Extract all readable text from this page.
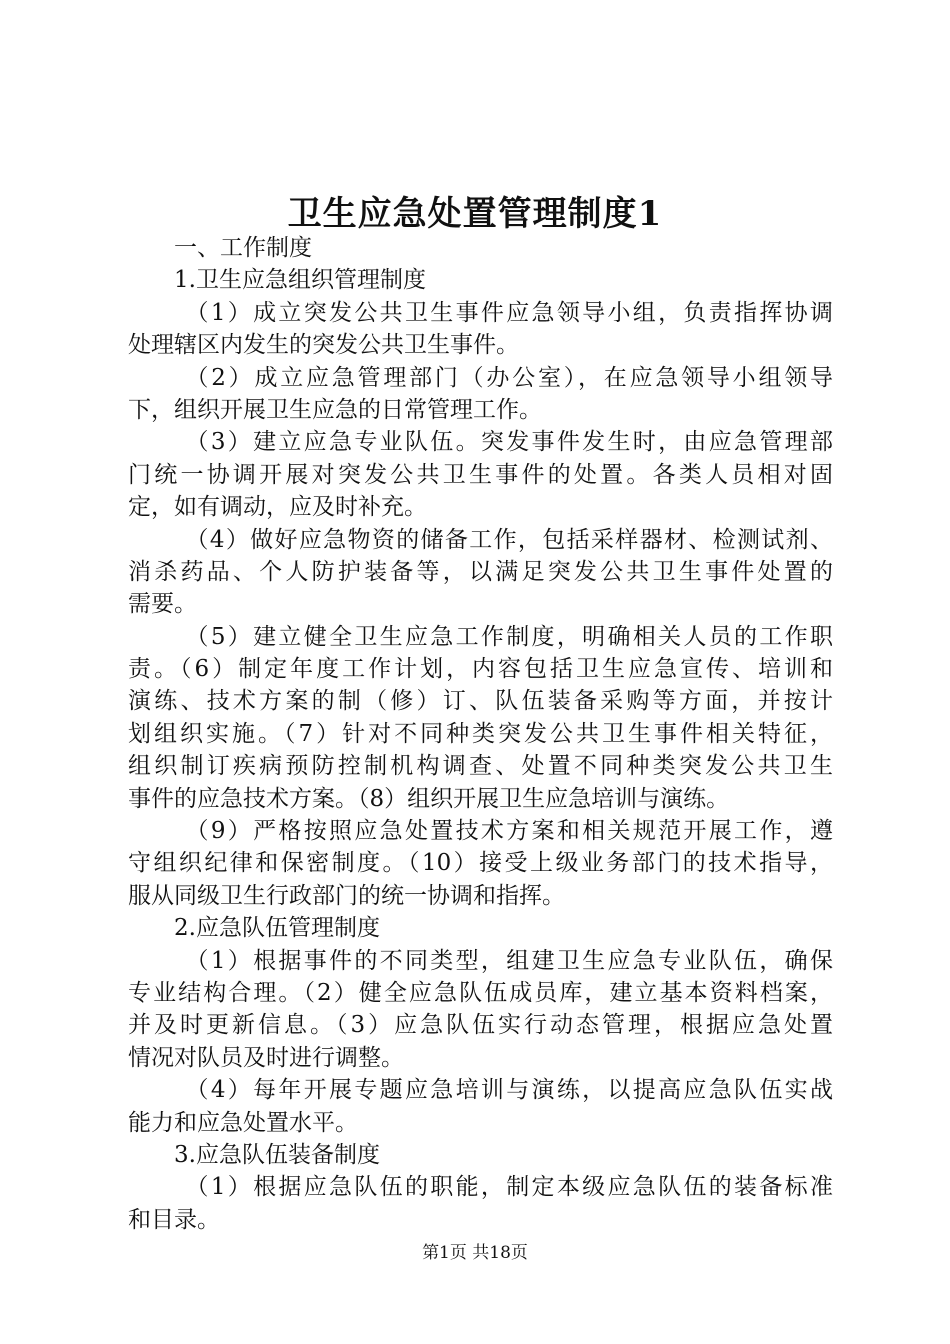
卫生应急处置管理制度1
一、工作制度
1.卫生应急组织管理制度
（1）成立突发公共卫生事件应急领导小组，负责指挥协调
处理辖区内发生的突发公共卫生事件。
（2）成立应急管理部门（办公室），在应急领导小组领导
下，组织开展卫生应急的日常管理工作。
（3）建立应急专业队伍。突发事件发生时，由应急管理部
门统一协调开展对突发公共卫生事件的处置。各类人员相对固
定，如有调动，应及时补充。
（4）做好应急物资的储备工作，包括采样器材、检测试剂、
消杀药品、个人防护装备等，以满足突发公共卫生事件处置的
需要。
（5）建立健全卫生应急工作制度，明确相关人员的工作职
责。（6）制定年度工作计划，内容包括卫生应急宣传、培训和
演练、技术方案的制（修）订、队伍装备采购等方面，并按计
划组织实施。（7）针对不同种类突发公共卫生事件相关特征，
组织制订疾病预防控制机构调查、处置不同种类突发公共卫生
事件的应急技术方案。（8）组织开展卫生应急培训与演练。
（9）严格按照应急处置技术方案和相关规范开展工作，遵
守组织纪律和保密制度。（10）接受上级业务部门的技术指导，
服从同级卫生行政部门的统一协调和指挥。
2.应急队伍管理制度
（1）根据事件的不同类型，组建卫生应急专业队伍，确保
专业结构合理。（2）健全应急队伍成员库，建立基本资料档案，
并及时更新信息。（3）应急队伍实行动态管理，根据应急处置
情况对队员及时进行调整。
（4）每年开展专题应急培训与演练，以提高应急队伍实战
能力和应急处置水平。
3.应急队伍装备制度
（1）根据应急队伍的职能，制定本级应急队伍的装备标准
和目录。
第1页 共18页
